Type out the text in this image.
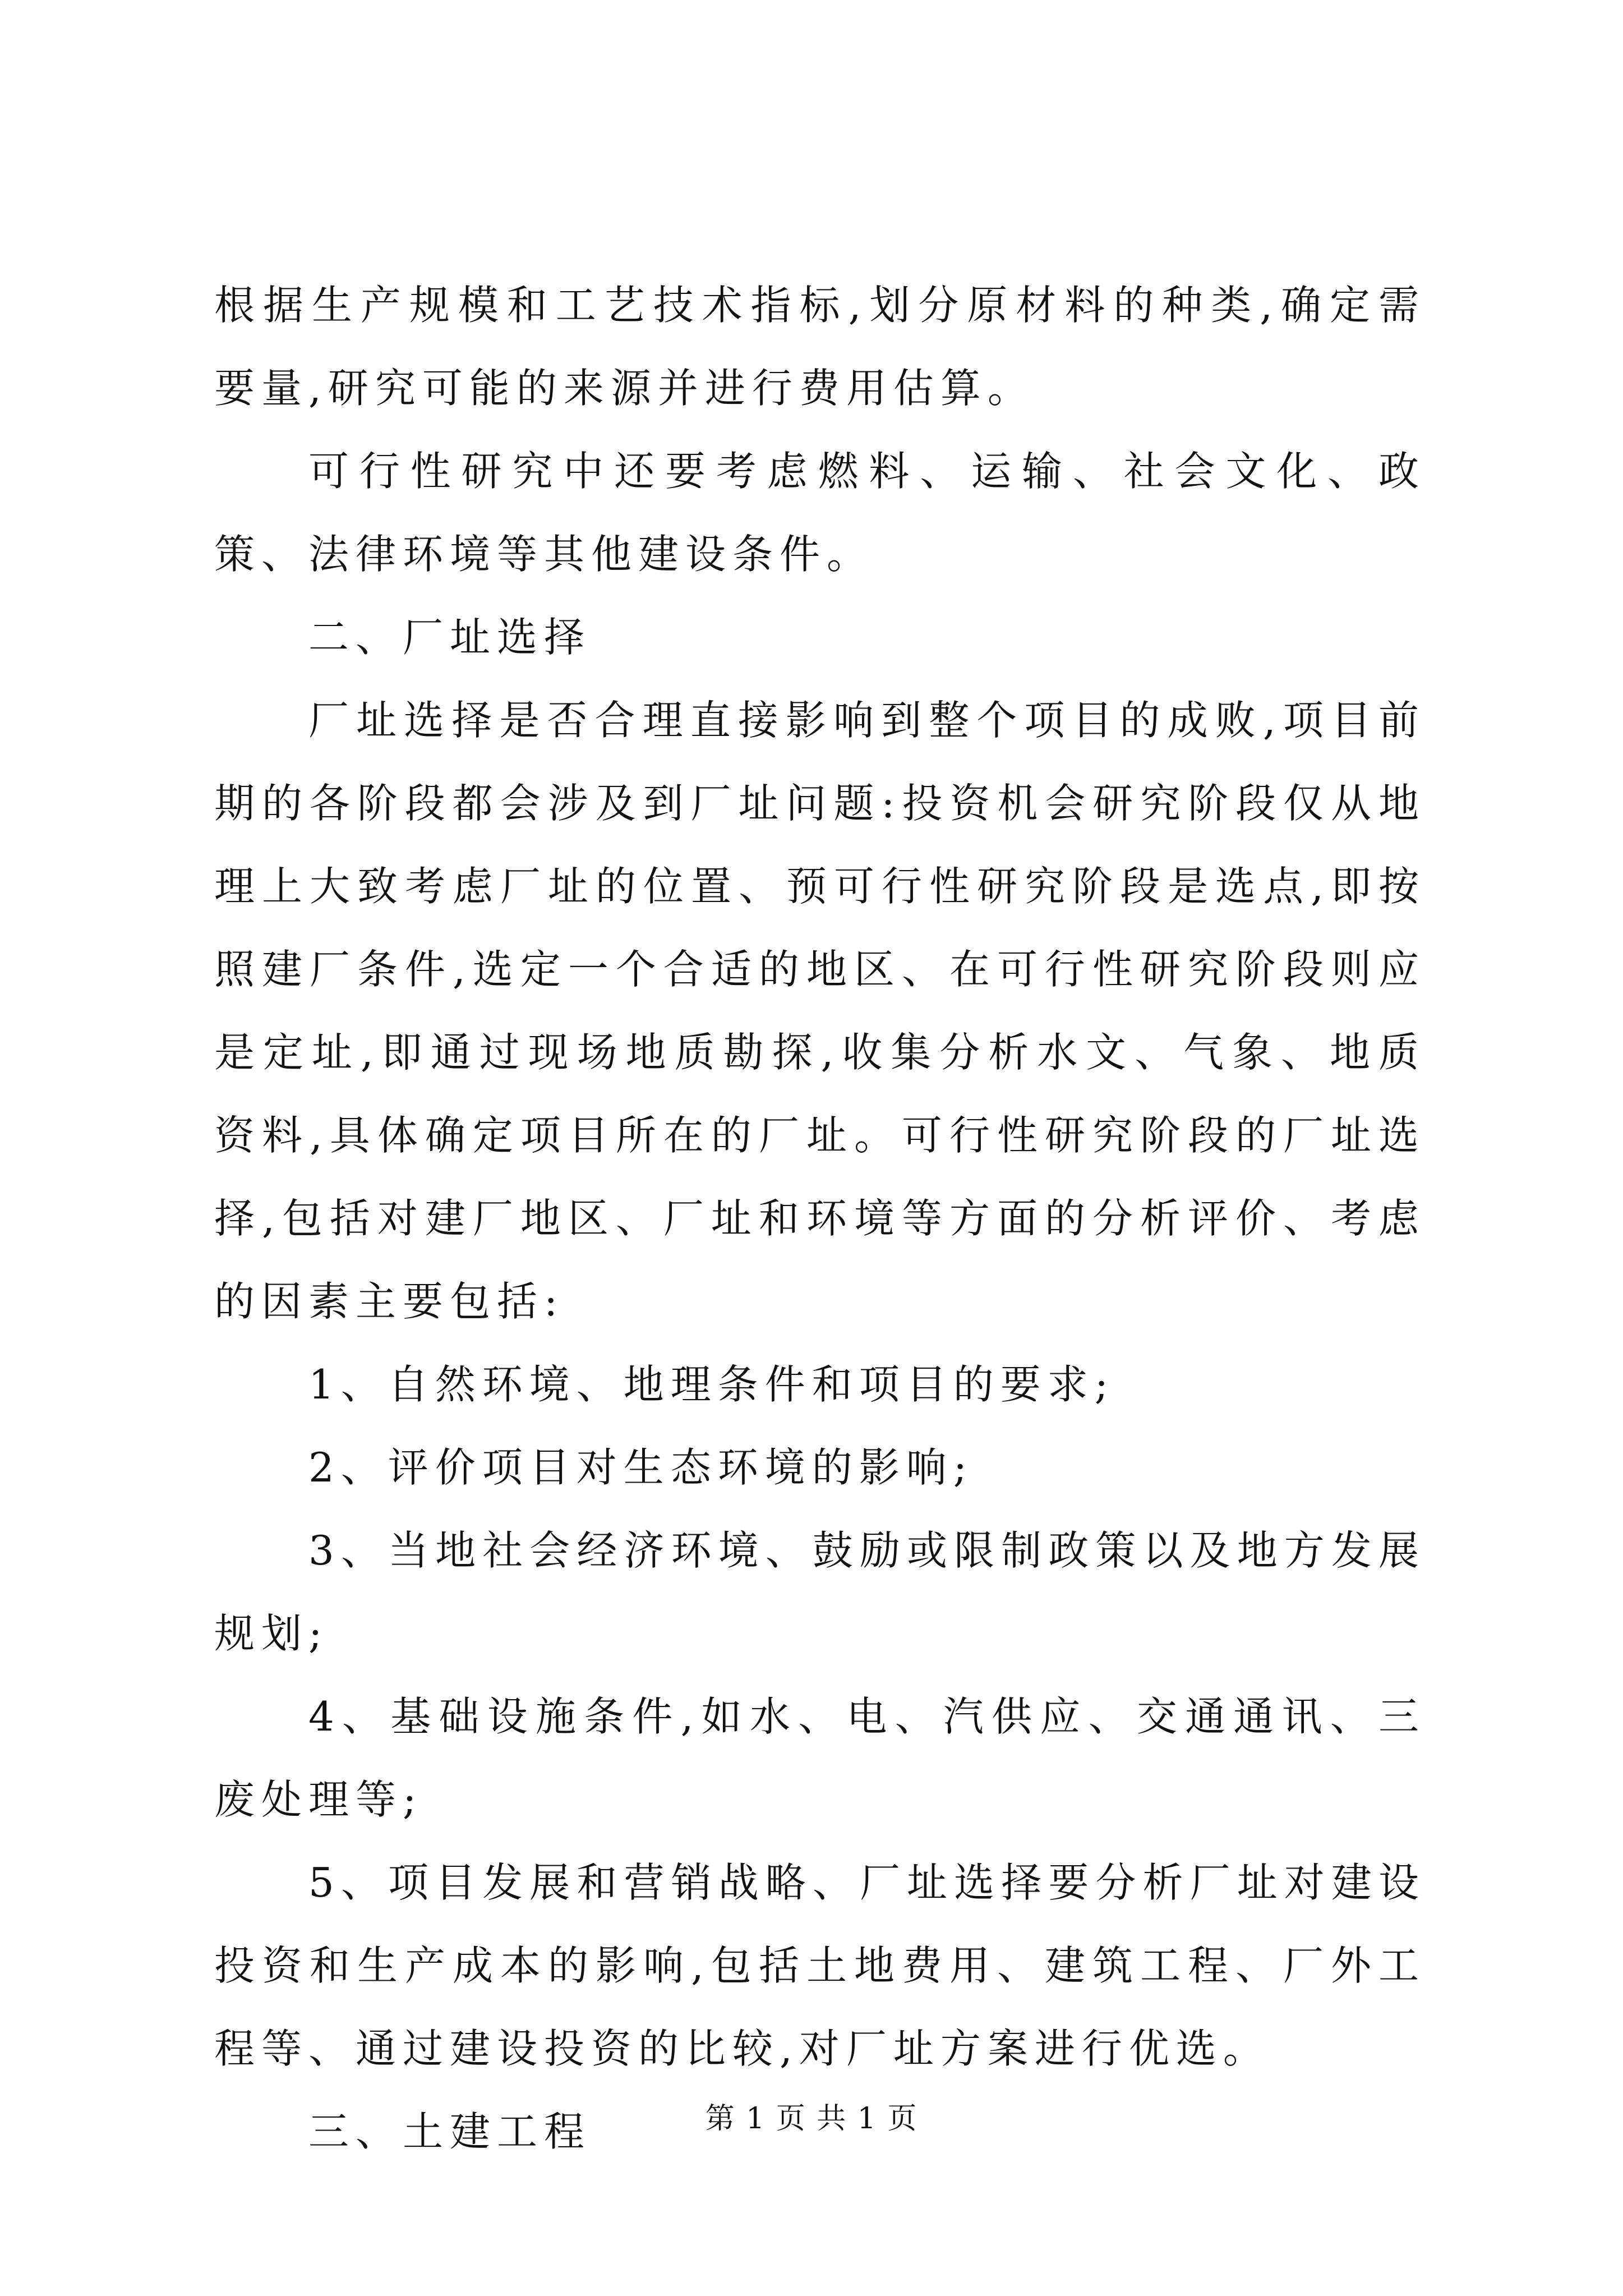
根据生产规模和工艺技术指标,划分原材料的种类,确定需要量,研究可能的来源并进行费用估算。

可行性研究中还要考虑燃料、运输、社会文化、政策、法律环境等其他建设条件。

二、厂址选择

厂址选择是否合理直接影响到整个项目的成败,项目前期的各阶段都会涉及到厂址问题:投资机会研究阶段仅从地理上大致考虑厂址的位置、预可行性研究阶段是选点,即按照建厂条件,选定一个合适的地区、在可行性研究阶段则应是定址,即通过现场地质勘探,收集分析水文、气象、地质资料,具体确定项目所在的厂址。可行性研究阶段的厂址选择,包括对建厂地区、厂址和环境等方面的分析评价、考虑的因素主要包括:

1、自然环境、地理条件和项目的要求;

2、评价项目对生态环境的影响;

3、当地社会经济环境、鼓励或限制政策以及地方发展规划;

4、基础设施条件,如水、电、汽供应、交通通讯、三废处理等;

5、项目发展和营销战略、厂址选择要分析厂址对建设投资和生产成本的影响,包括土地费用、建筑工程、厂外工程等、通过建设投资的比较,对厂址方案进行优选。

三、土建工程	第 1 页 共 1 页
